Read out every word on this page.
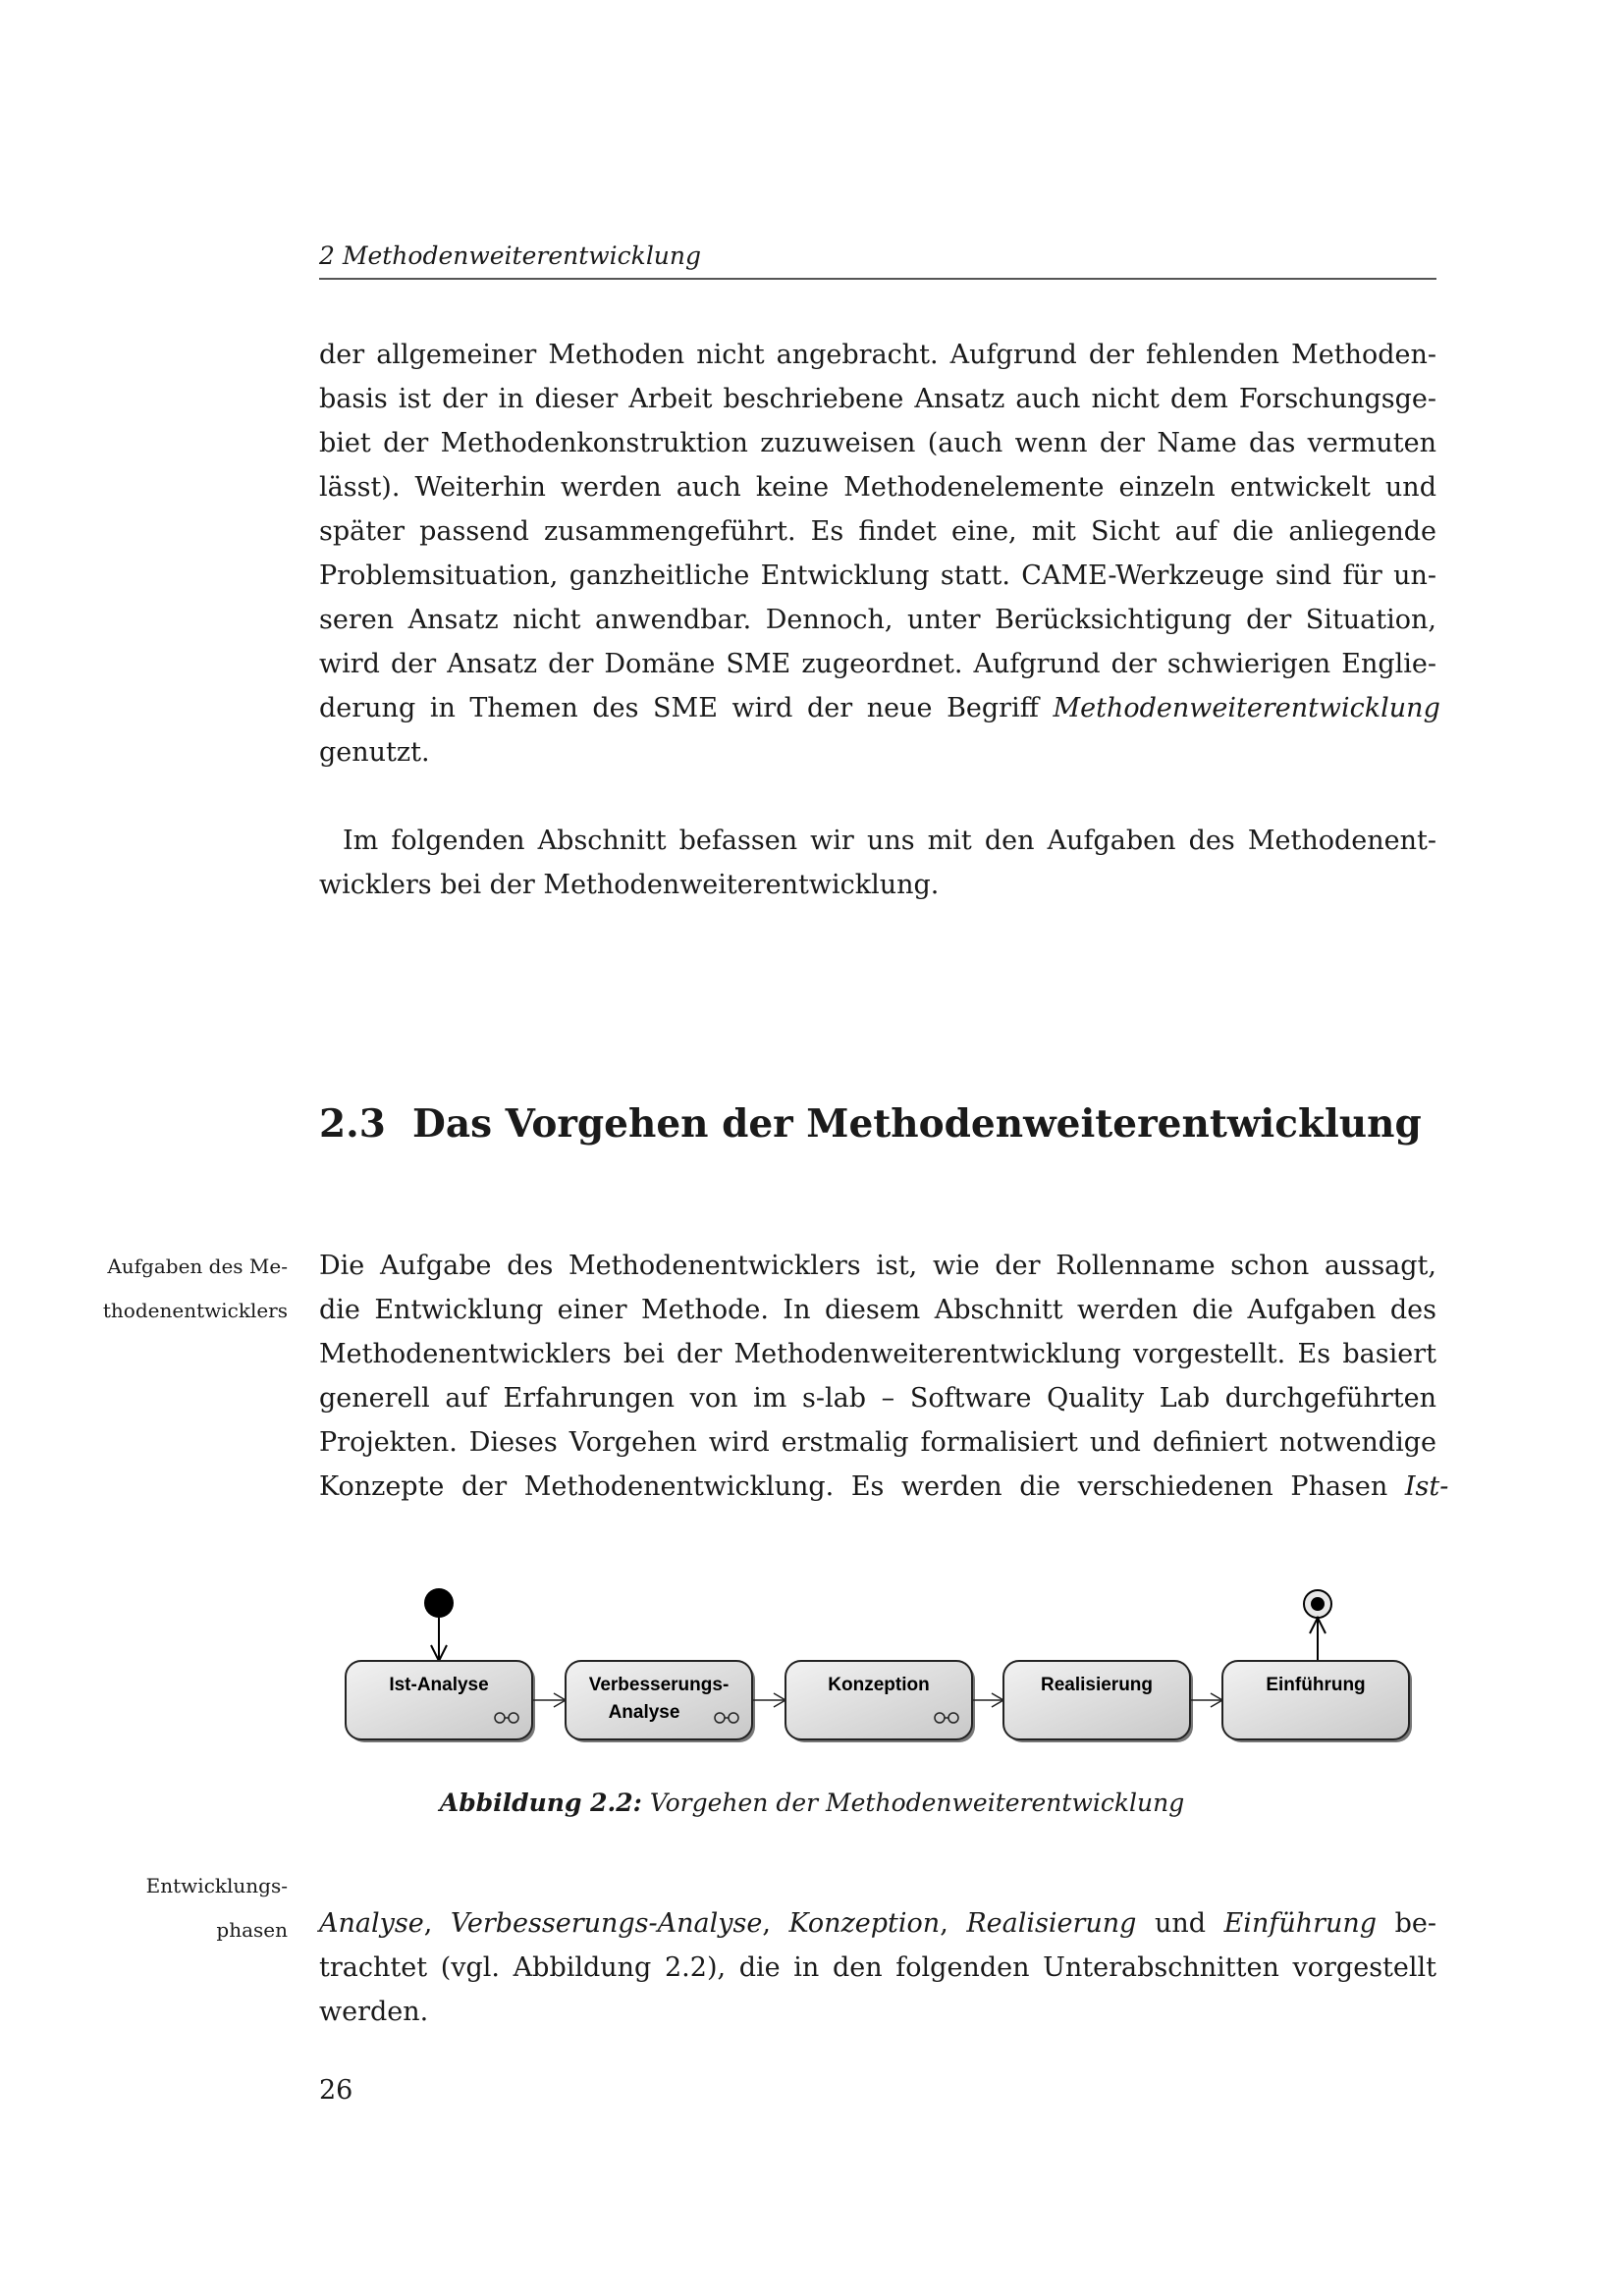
2 Methodenweiterentwicklung
der allgemeiner Methoden nicht angebracht. Aufgrund der fehlenden Methoden-
basis ist der in dieser Arbeit beschriebene Ansatz auch nicht dem Forschungsge-
biet der Methodenkonstruktion zuzuweisen (auch wenn der Name das vermuten
lässt). Weiterhin werden auch keine Methodenelemente einzeln entwickelt und
später passend zusammengeführt. Es findet eine, mit Sicht auf die anliegende
Problemsituation, ganzheitliche Entwicklung statt. CAME-Werkzeuge sind für un-
seren Ansatz nicht anwendbar. Dennoch, unter Berücksichtigung der Situation,
wird der Ansatz der Domäne SME zugeordnet. Aufgrund der schwierigen Englie-
derung in Themen des SME wird der neue Begriff Methodenweiterentwicklung
genutzt.
Im folgenden Abschnitt befassen wir uns mit den Aufgaben des Methodenent-
wicklers bei der Methodenweiterentwicklung.
2.3 Das Vorgehen der Methodenweiterentwicklung
Aufgaben des Me-
thodenentwicklers
Die Aufgabe des Methodenentwicklers ist, wie der Rollenname schon aussagt,
die Entwicklung einer Methode. In diesem Abschnitt werden die Aufgaben des
Methodenentwicklers bei der Methodenweiterentwicklung vorgestellt. Es basiert
generell auf Erfahrungen von im s-lab – Software Quality Lab durchgeführten
Projekten. Dieses Vorgehen wird erstmalig formalisiert und definiert notwendige
Konzepte der Methodenentwicklung. Es werden die verschiedenen Phasen Ist-
Ist-Analyse	Verbesserungs-
Analyse
Konzeption	Realisierung	Einführung
Abbildung 2.2: Vorgehen der Methodenweiterentwicklung
Entwicklungs-
phasen Analyse, Verbesserungs-Analyse, Konzeption, Realisierung und Einführung be-
trachtet (vgl. Abbildung 2.2), die in den folgenden Unterabschnitten vorgestellt
werden.
26
